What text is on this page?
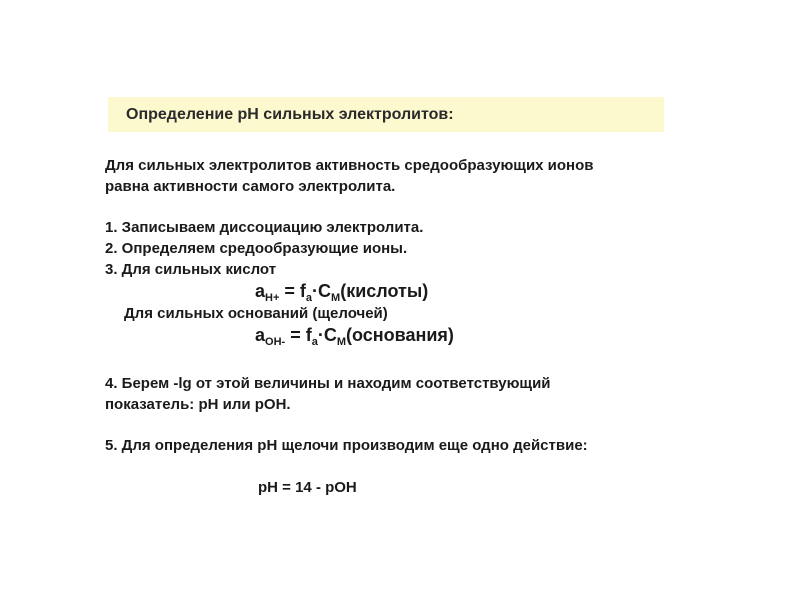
Определение pH сильных электролитов:
Для сильных электролитов активность средообразующих ионов
равна активности самого электролита.
1. Записываем диссоциацию электролита.
2. Определяем средообразующие ионы.
3. Для сильных кислот
$a_{H+}$ = $f_a\cdot C_M(кислоты)$
Для сильных оснований (щелочей)
$a_{OH-}$ = $f_a\cdot C_M(основания)$
4. Берем -lg от этой величины и находим соответствующий
показатель: pH или pOH.
5. Для определения pH щелочи производим еще одно действие:
pH = 14 - pOH
